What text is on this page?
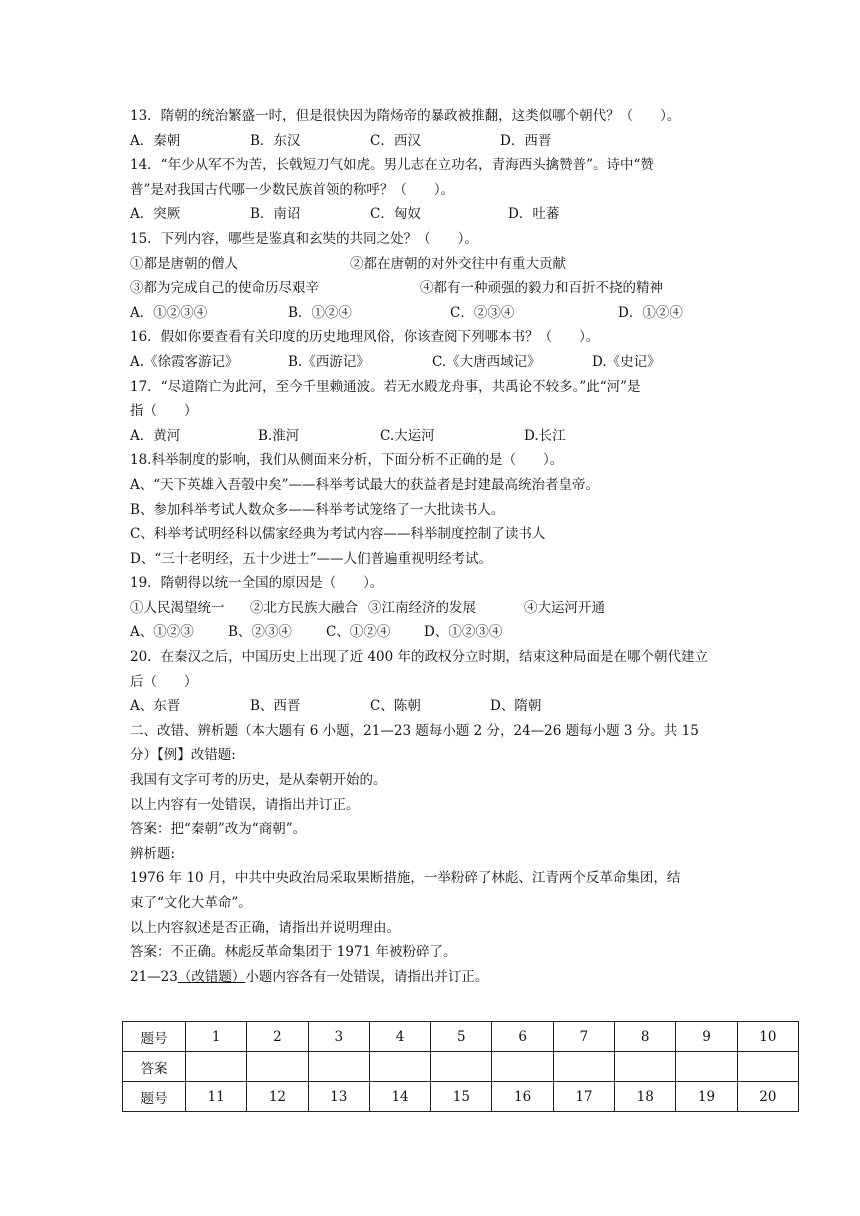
13．隋朝的统治繁盛一时，但是很快因为隋炀帝的暴政被推翻，这类似哪个朝代？（　　）。
A．秦朝	B．东汉	C．西汉	D．西晋
14．“年少从军不为苦，长戟短刀气如虎。男儿志在立功名，青海西头擒赞普”。诗中“赞
普”是对我国古代哪一少数民族首领的称呼？（　　）。
A．突厥	B．南诏	C．匈奴	D．吐蕃
15．下列内容，哪些是鉴真和玄奘的共同之处？（　　）。
①都是唐朝的僧人	②都在唐朝的对外交往中有重大贡献
③都为完成自己的使命历尽艰辛	④都有一种顽强的毅力和百折不挠的精神
A．①②③④	B．①②④	C．②③④	D．①②④
16．假如你要查看有关印度的历史地理风俗，你该查阅下列哪本书？（　　）。
A.《徐霞客游记》	B.《西游记》	C.《大唐西域记》	D.《史记》
17．“尽道隋亡为此河，至今千里赖通波。若无水殿龙舟事，共禹论不较多。”此“河”是
指（　　）
A．黄河	B.淮河	C.大运河	D.长江
18.科举制度的影响，我们从侧面来分析，下面分析不正确的是（　　）。
A、“天下英雄入吾彀中矣”——科举考试最大的获益者是封建最高统治者皇帝。
B、参加科举考试人数众多——科举考试笼络了一大批读书人。
C、科举考试明经科以儒家经典为考试内容——科举制度控制了读书人
D、“三十老明经，五十少进士”——人们普遍重视明经考试。
19．隋朝得以统一全国的原因是（　　）。
①人民渴望统一 ②北方民族大融合 ③江南经济的发展	④大运河开通
A、①②③	B、②③④	C、①②④ D、①②③④
20．在秦汉之后，中国历史上出现了近 400 年的政权分立时期，结束这种局面是在哪个朝代建立
后（　　）
A、东晋	B、西晋	C、陈朝	D、隋朝
二、改错、辨析题（本大题有 6 小题，21—23 题每小题 2 分，24—26 题每小题 3 分。共 15
分）【例】改错题:
我国有文字可考的历史，是从秦朝开始的。
以上内容有一处错误，请指出并订正。
答案：把“秦朝”改为“商朝”。
辨析题:
1976 年 10 月，中共中央政治局采取果断措施，一举粉碎了林彪、江青两个反革命集团，结
束了“文化大革命”。
以上内容叙述是否正确，请指出并说明理由。
答案：不正确。林彪反革命集团于 1971 年被粉碎了。
21—23（改错题）小题内容各有一处错误，请指出并订正。
题号	1	2	3	4	5	6	7	8	9	10
答案										
题号	11	12	13	14	15	16	17	18	19	20
